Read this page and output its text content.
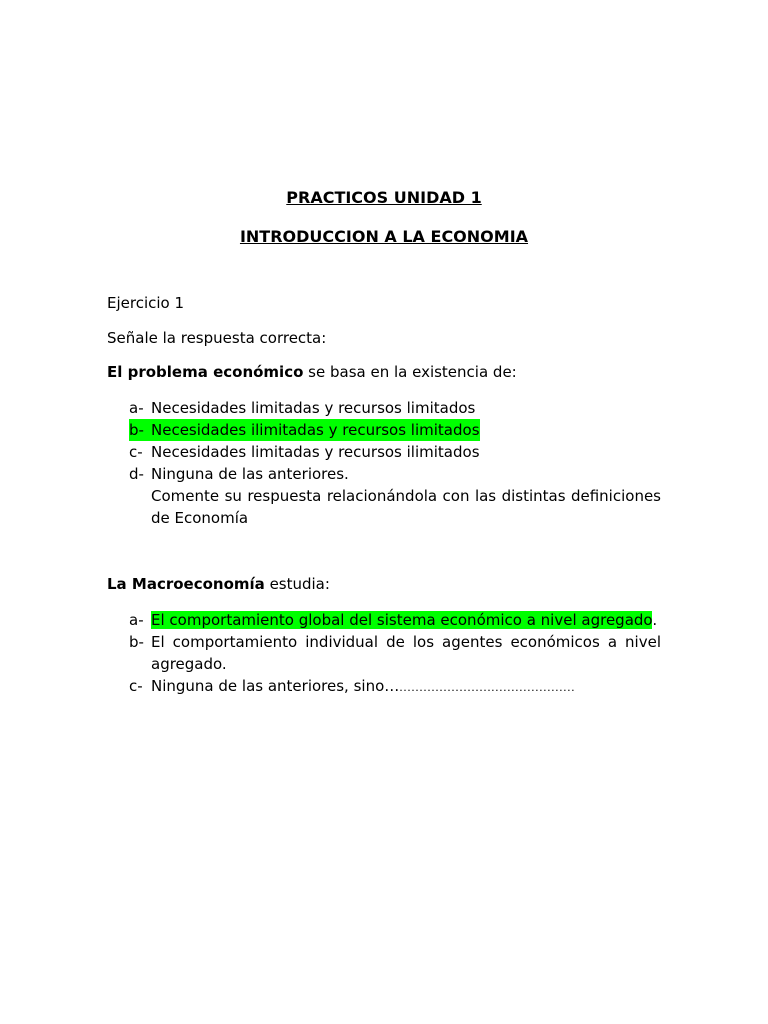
PRACTICOS UNIDAD 1
INTRODUCCION A LA ECONOMIA
Ejercicio 1
Señale la respuesta correcta:
El problema económico se basa en la existencia de:
a- Necesidades limitadas y recursos limitados
b- Necesidades ilimitadas y recursos limitados
c- Necesidades limitadas y recursos ilimitados
d- Ninguna de las anteriores.
Comente su respuesta relacionándola con las distintas definiciones de Economía
La Macroeconomía estudia:
a- El comportamiento global del sistema económico a nivel agregado.
b- El comportamiento individual de los agentes económicos a nivel agregado.
c- Ninguna de las anteriores, sino…............................................
